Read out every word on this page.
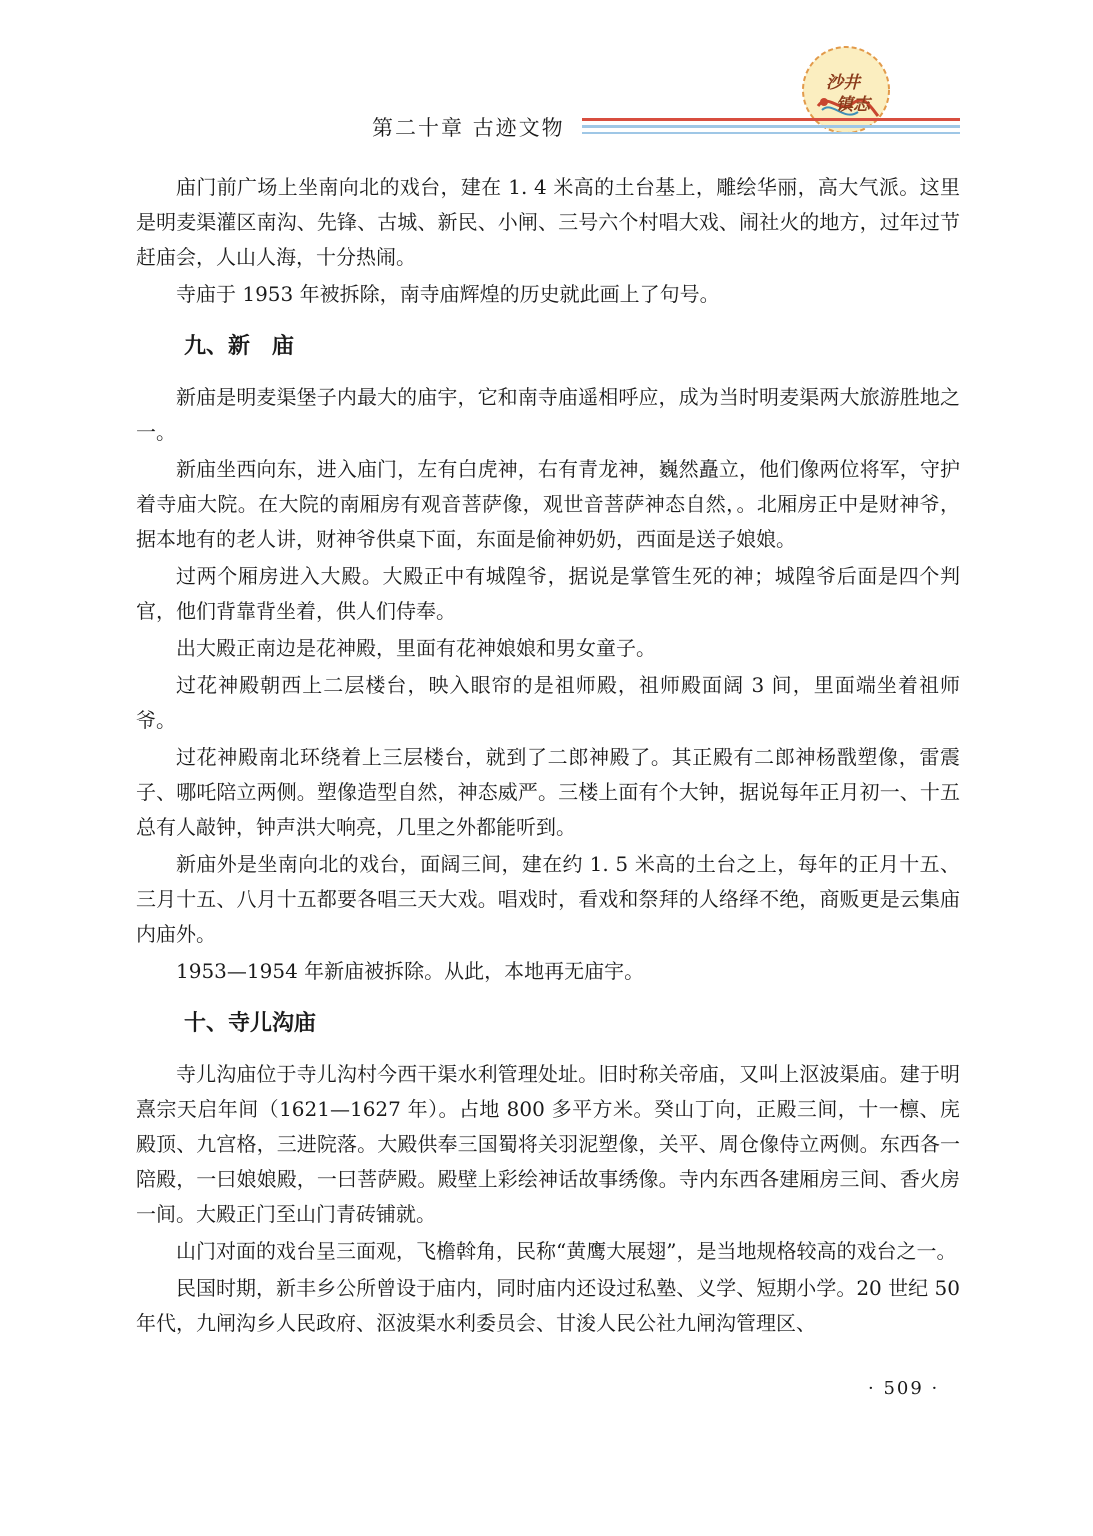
沙井
镇志
第二十章 古迹文物

庙门前广场上坐南向北的戏台，建在 1. 4 米高的土台基上，雕绘华丽，高大气派。这里是明麦渠灌区南沟、先锋、古城、新民、小闸、三号六个村唱大戏、闹社火的地方，过年过节赶庙会，人山人海，十分热闹。

寺庙于 1953 年被拆除，南寺庙辉煌的历史就此画上了句号。

九、新　庙

新庙是明麦渠堡子内最大的庙宇，它和南寺庙遥相呼应，成为当时明麦渠两大旅游胜地之一。

新庙坐西向东，进入庙门，左有白虎神，右有青龙神，巍然矗立，他们像两位将军，守护着寺庙大院。在大院的南厢房有观音菩萨像，观世音菩萨神态自然，。北厢房正中是财神爷，据本地有的老人讲，财神爷供桌下面，东面是偷神奶奶，西面是送子娘娘。

过两个厢房进入大殿。大殿正中有城隍爷，据说是掌管生死的神；城隍爷后面是四个判官，他们背靠背坐着，供人们侍奉。

出大殿正南边是花神殿，里面有花神娘娘和男女童子。

过花神殿朝西上二层楼台，映入眼帘的是祖师殿，祖师殿面阔 3 间，里面端坐着祖师爷。

过花神殿南北环绕着上三层楼台，就到了二郎神殿了。其正殿有二郎神杨戬塑像，雷震子、哪吒陪立两侧。塑像造型自然，神态威严。三楼上面有个大钟，据说每年正月初一、十五总有人敲钟，钟声洪大响亮，几里之外都能听到。

新庙外是坐南向北的戏台，面阔三间，建在约 1. 5 米高的土台之上，每年的正月十五、三月十五、八月十五都要各唱三天大戏。唱戏时，看戏和祭拜的人络绎不绝，商贩更是云集庙内庙外。

1953—1954 年新庙被拆除。从此，本地再无庙宇。

十、寺儿沟庙

寺儿沟庙位于寺儿沟村今西干渠水利管理处址。旧时称关帝庙，又叫上沤波渠庙。建于明熹宗天启年间（1621—1627 年）。占地 800 多平方米。癸山丁向，正殿三间，十一檩、庑殿顶、九宫格，三进院落。大殿供奉三国蜀将关羽泥塑像，关平、周仓像侍立两侧。东西各一陪殿，一曰娘娘殿，一曰菩萨殿。殿壁上彩绘神话故事绣像。寺内东西各建厢房三间、香火房一间。大殿正门至山门青砖铺就。

山门对面的戏台呈三面观，飞檐斡角，民称“黄鹰大展翅”，是当地规格较高的戏台之一。

民国时期，新丰乡公所曾设于庙内，同时庙内还设过私塾、义学、短期小学。20 世纪 50 年代，九闸沟乡人民政府、沤波渠水利委员会、甘浚人民公社九闸沟管理区、

· 509 ·
